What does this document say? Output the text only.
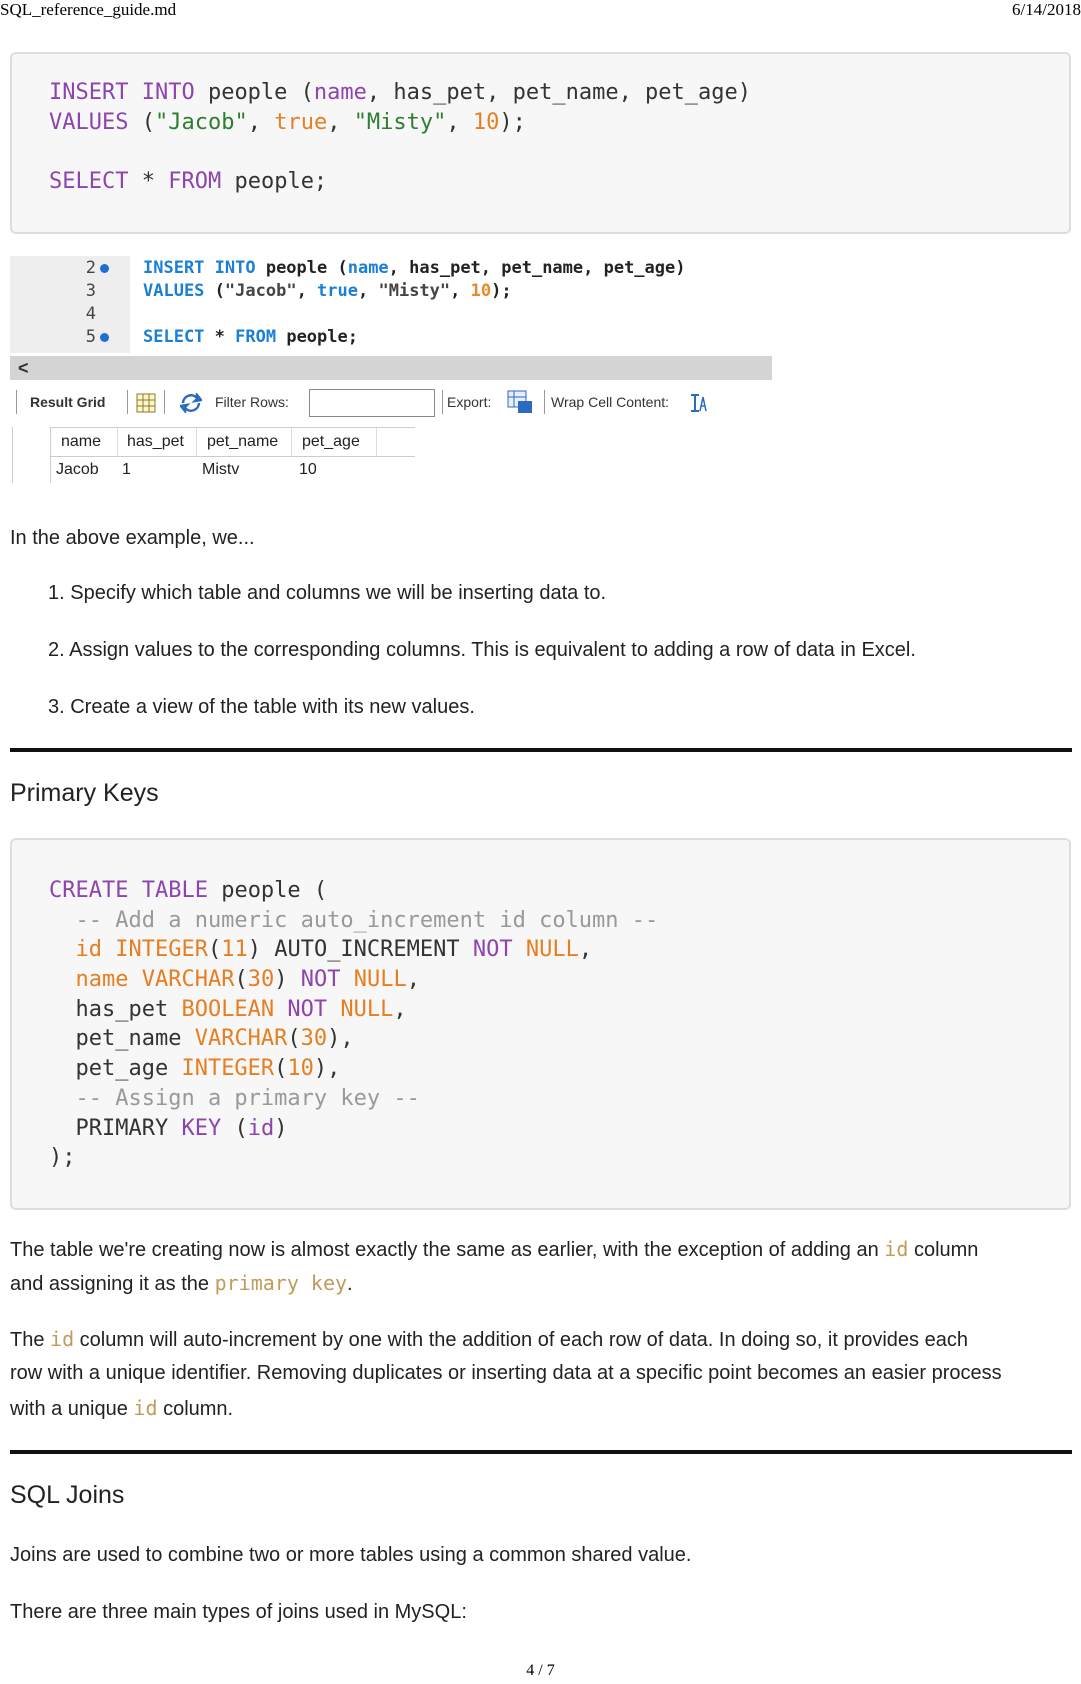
SQL_reference_guide.md	6/14/2018
INSERT INTO people (name, has_pet, pet_name, pet_age)
VALUES ("Jacob", true, "Misty", 10);

SELECT * FROM people;
2
3
4
5
INSERT INTO people (name, has_pet, pet_name, pet_age)
VALUES ("Jacob", true, "Misty", 10);
SELECT * FROM people;
<
Result Grid	Filter Rows:	Export:	Wrap Cell Content:
name has_pet pet_name pet_age
Jacob 1	Mistv	10
In the above example, we...
1. Specify which table and columns we will be inserting data to.
2. Assign values to the corresponding columns. This is equivalent to adding a row of data in Excel.
3. Create a view of the table with its new values.
Primary Keys
CREATE TABLE people (
-- Add a numeric auto_increment id column --
id INTEGER(11) AUTO_INCREMENT NOT NULL,
name VARCHAR(30) NOT NULL,
has_pet BOOLEAN NOT NULL,
pet_name VARCHAR(30),
pet_age INTEGER(10),
-- Assign a primary key --
PRIMARY KEY (id)
);
The table we're creating now is almost exactly the same as earlier, with the exception of adding an id column
and assigning it as the primary key.
The id column will auto-increment by one with the addition of each row of data. In doing so, it provides each
row with a unique identifier. Removing duplicates or inserting data at a specific point becomes an easier process
with a unique id column.
SQL Joins
Joins are used to combine two or more tables using a common shared value.
There are three main types of joins used in MySQL:
4 / 7
